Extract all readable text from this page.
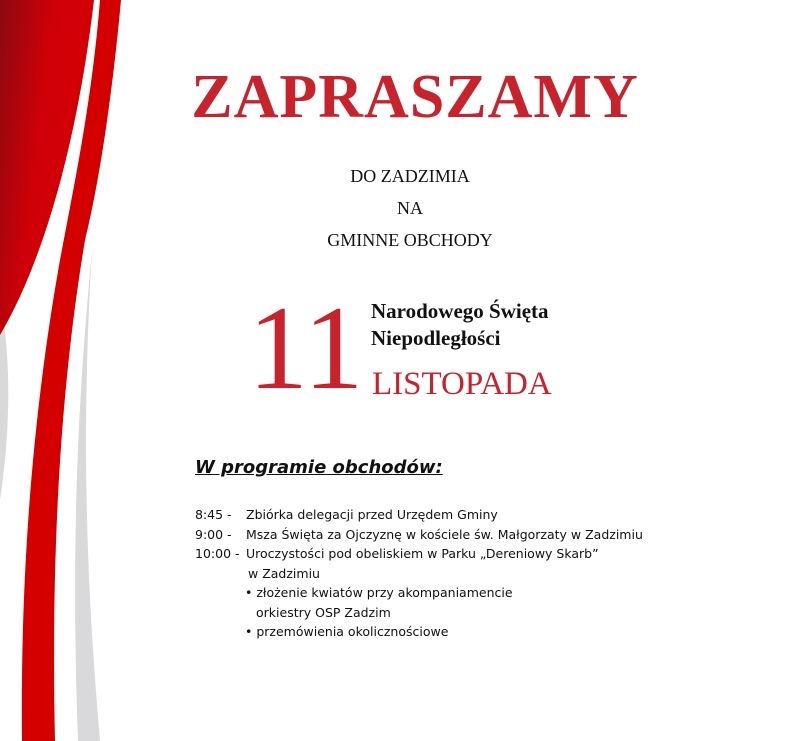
ZAPRASZAMY
DO ZADZIMIA
NA
GMINNE OBCHODY
11 Narodowego Święta
Niepodległości
LISTOPADA
W programie obchodów:
8:45 - Zbiórka delegacji przed Urzędem Gminy
9:00 - Msza Święta za Ojczyznę w kościele św. Małgorzaty w Zadzimiu
10:00 - Uroczystości pod obeliskiem w Parku „Dereniowy Skarb”
w Zadzimiu
• złożenie kwiatów przy akompaniamencie
orkiestry OSP Zadzim
• przemówienia okolicznościowe
